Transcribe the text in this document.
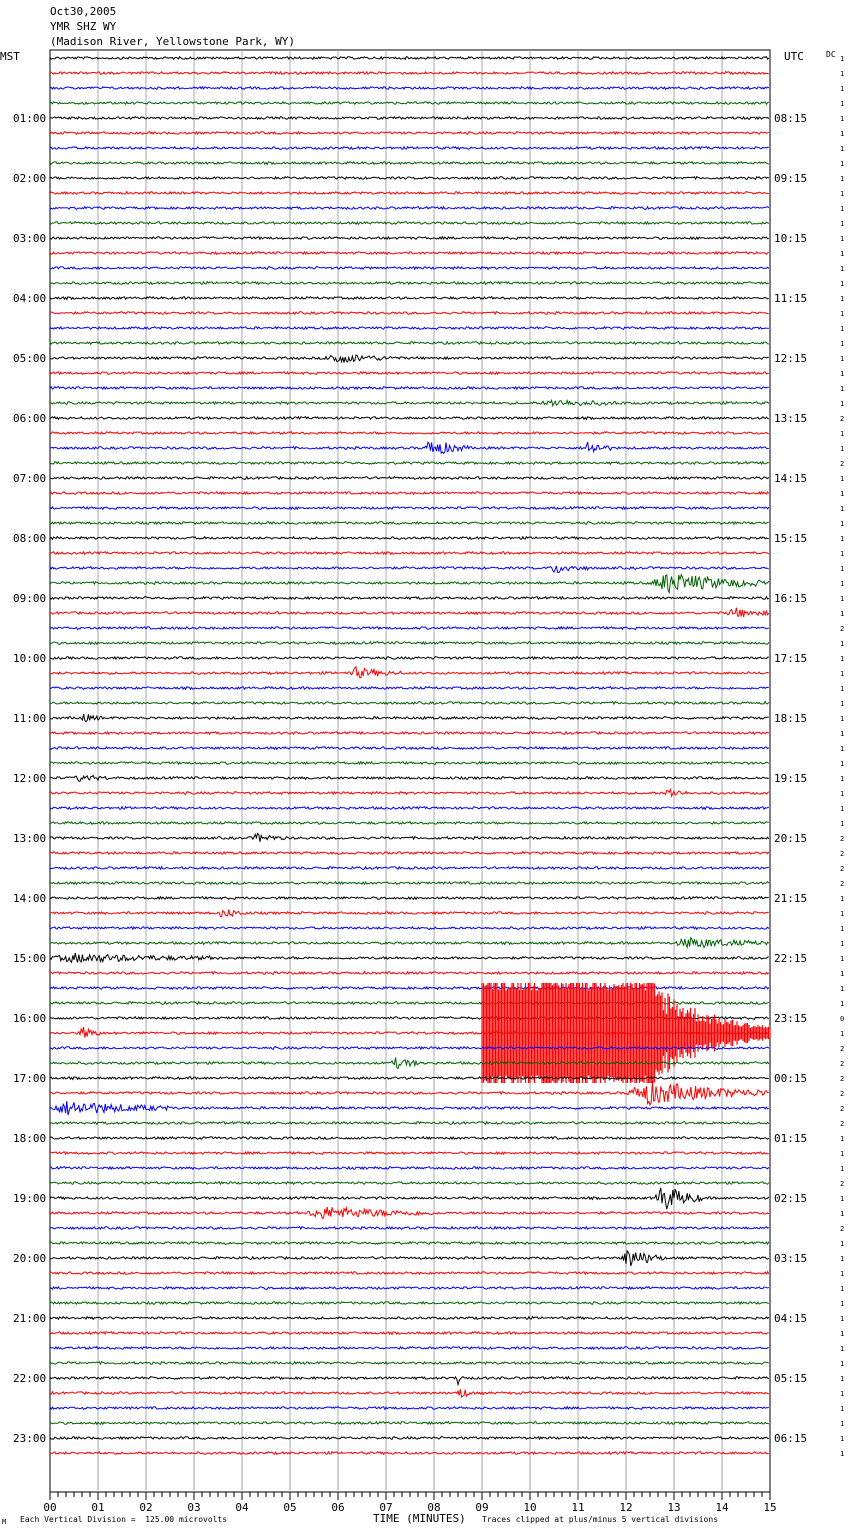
Oct30,2005
YMR SHZ WY
(Madison River, Yellowstone Park, WY)
MST	UTC	DC
01:00
02:00
03:00
04:00
05:00
06:00
07:00
08:00
09:00
10:00
11:00
12:00
13:00
14:00
15:00
16:00
17:00
18:00
19:00
20:00
21:00
22:00
23:00
08:15
09:15
10:15
11:15
12:15
13:15
14:15
15:15
16:15
17:15
18:15
19:15
20:15
21:15
22:15
23:15
00:15
01:15
02:15
03:15
04:15
05:15
06:15
1
1
1
1
1
1
1
1
1
1
1
1
1
1
1
1
1
1
1
1
1
1
1
1
2
1
1
2
1
1
1
1
1
1
1
1
1
1
2
1
1
1
1
1
1
1
1
1
1
1
1
1
2
2
2
2
1
1
1
1
1
1
1
1
0
1
2
2
2
2
2
2
1
1
1
2
1
1
2
1
1
1
1
1
1
1
1
1
1
1
1
1
1
1
00	01	02	03	04	05	06	07	08	09	10	11	12	13	14	15
M Each Vertical Division =  125.00 microvolts	TIME (MINUTES) Traces clipped at plus/minus 5 vertical divisions
